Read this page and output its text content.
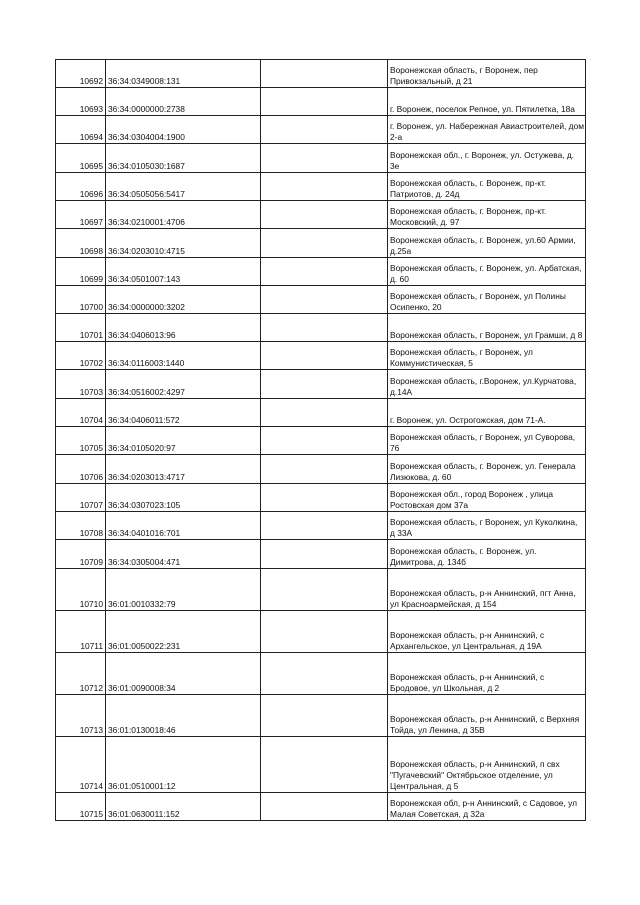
10692	36:34:0349008:131		Воронежская область, г Воронеж, пер Привокзальный, д 21
10693	36:34:0000000:2738		г. Воронеж, поселок Репное, ул. Пятилетка, 18а
10694	36:34:0304004:1900		г. Воронеж, ул. Набережная Авиастроителей, дом 2-а
10695	36:34:0105030:1687		Воронежская обл., г. Воронеж, ул. Остужева, д. 3е
10696	36:34:0505056:5417		Воронежская область, г. Воронеж, пр-кт. Патриотов, д. 24д
10697	36:34:0210001:4706		Воронежская область, г. Воронеж, пр-кт. Московский, д. 97
10698	36:34:0203010:4715		Воронежская область, г. Воронеж, ул.60 Армии, д.25а
10699	36:34:0501007:143		Воронежская область, г. Воронеж, ул. Арбатская, д. 60
10700	36:34:0000000:3202		Воронежская область, г Воронеж, ул Полины Осипенко, 20
10701	36:34:0406013:96		Воронежская область, г Воронеж, ул Грамши, д 8
10702	36:34:0116003:1440		Воронежская область, г Воронеж, ул Коммунистическая, 5
10703	36:34:0516002:4297		Воронежская область, г.Воронеж, ул.Курчатова, д.14А
10704	36:34:0406011:572		г. Воронеж, ул. Острогожская, дом 71-А.
10705	36:34:0105020:97		Воронежская область, г Воронеж, ул Суворова, 76
10706	36:34:0203013:4717		Воронежская область, г. Воронеж, ул. Генерала Лизюкова, д. 60
10707	36:34:0307023:105		Воронежская обл., город Воронеж , улица Ростовская дом 37а
10708	36:34:0401016:701		Воронежская область, г Воронеж, ул Куколкина, д 33А
10709	36:34:0305004:471		Воронежская область, г. Воронеж, ул. Димитрова, д. 134б
10710	36:01:0010332:79		Воронежская область, р-н Аннинский, пгт Анна, ул Красноармейская, д 154
10711	36:01:0050022:231		Воронежская область, р-н Аннинский, с Архангельское, ул Центральная, д 19А
10712	36:01:0090008:34		Воронежская область, р-н Аннинский, с Бродовое, ул Школьная, д 2
10713	36:01:0130018:46		Воронежская область, р-н Аннинский, с Верхняя Тойда, ул Ленина, д 35В
10714	36:01:0510001:12		Воронежская область, р-н Аннинский, п свх "Пугачевский" Октябрьское отделение, ул Центральная, д 5
10715	36:01:0630011:152		Воронежская обл, р-н Аннинский, с Садовое, ул Малая Советская, д 32а
